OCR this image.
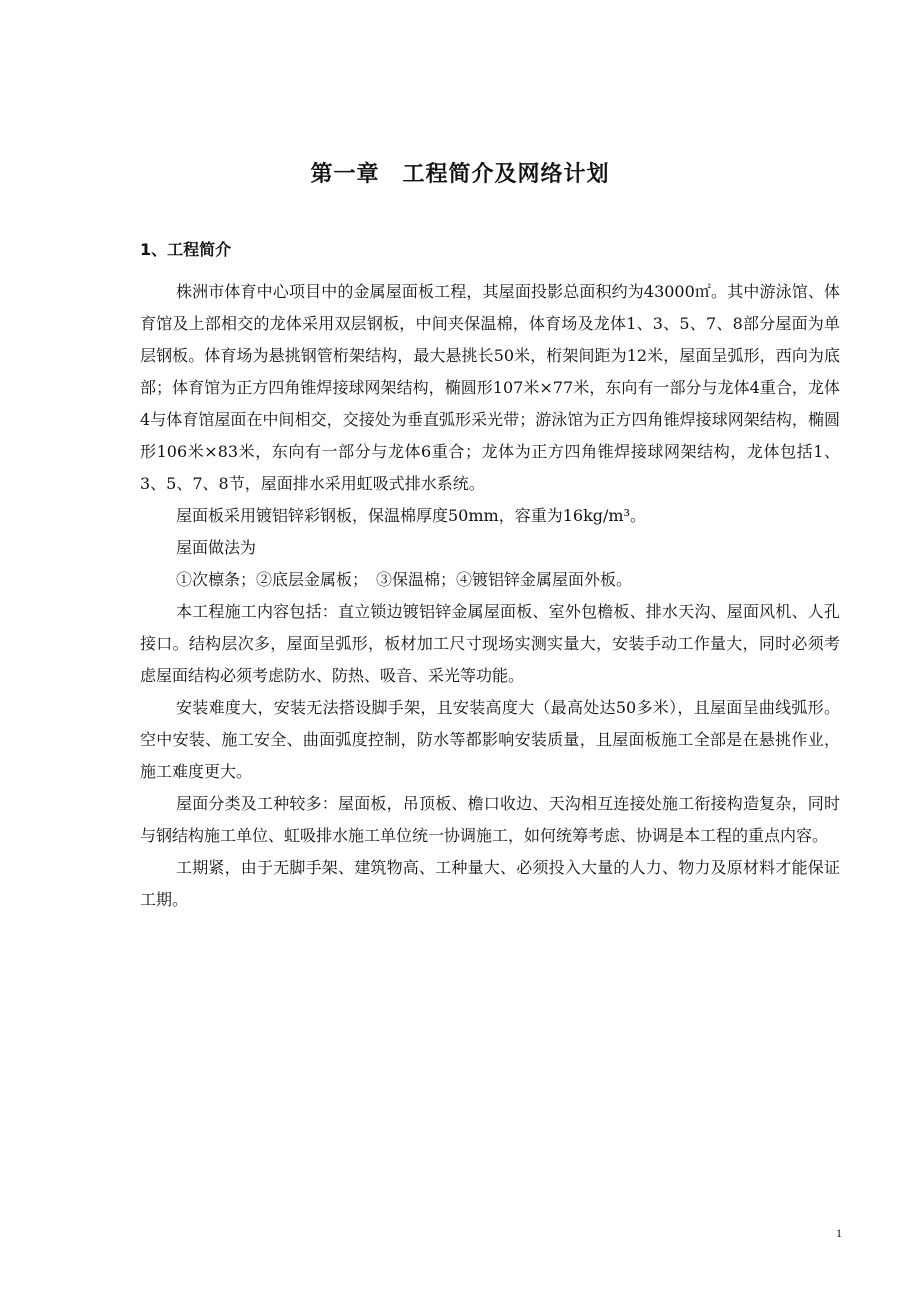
第一章　工程简介及网络计划
1、工程简介

株洲市体育中心项目中的金属屋面板工程，其屋面投影总面积约为43000㎡。其中游泳馆、体育馆及上部相交的龙体采用双层钢板，中间夹保温棉，体育场及龙体1、3、5、7、8部分屋面为单层钢板。体育场为悬挑钢管桁架结构，最大悬挑长50米，桁架间距为12米，屋面呈弧形，西向为底部；体育馆为正方四角锥焊接球网架结构，椭圆形107米×77米，东向有一部分与龙体4重合，龙体4与体育馆屋面在中间相交，交接处为垂直弧形采光带；游泳馆为正方四角锥焊接球网架结构，椭圆形106米×83米，东向有一部分与龙体6重合；龙体为正方四角锥焊接球网架结构，龙体包括1、3、5、7、8节，屋面排水采用虹吸式排水系统。

屋面板采用镀铝锌彩钢板，保温棉厚度50mm，容重为16kg/m³。

屋面做法为

①次檩条；②底层金属板；　③保温棉；④镀铝锌金属屋面外板。

本工程施工内容包括：直立锁边镀铝锌金属屋面板、室外包檐板、排水天沟、屋面风机、人孔接口。结构层次多，屋面呈弧形，板材加工尺寸现场实测实量大，安装手动工作量大，同时必须考虑屋面结构必须考虑防水、防热、吸音、采光等功能。

安装难度大，安装无法搭设脚手架，且安装高度大（最高处达50多米），且屋面呈曲线弧形。空中安装、施工安全、曲面弧度控制，防水等都影响安装质量，且屋面板施工全部是在悬挑作业，施工难度更大。

屋面分类及工种较多：屋面板，吊顶板、檐口收边、天沟相互连接处施工衔接构造复杂，同时与钢结构施工单位、虹吸排水施工单位统一协调施工，如何统筹考虑、协调是本工程的重点内容。

工期紧，由于无脚手架、建筑物高、工种量大、必须投入大量的人力、物力及原材料才能保证工期。

1
